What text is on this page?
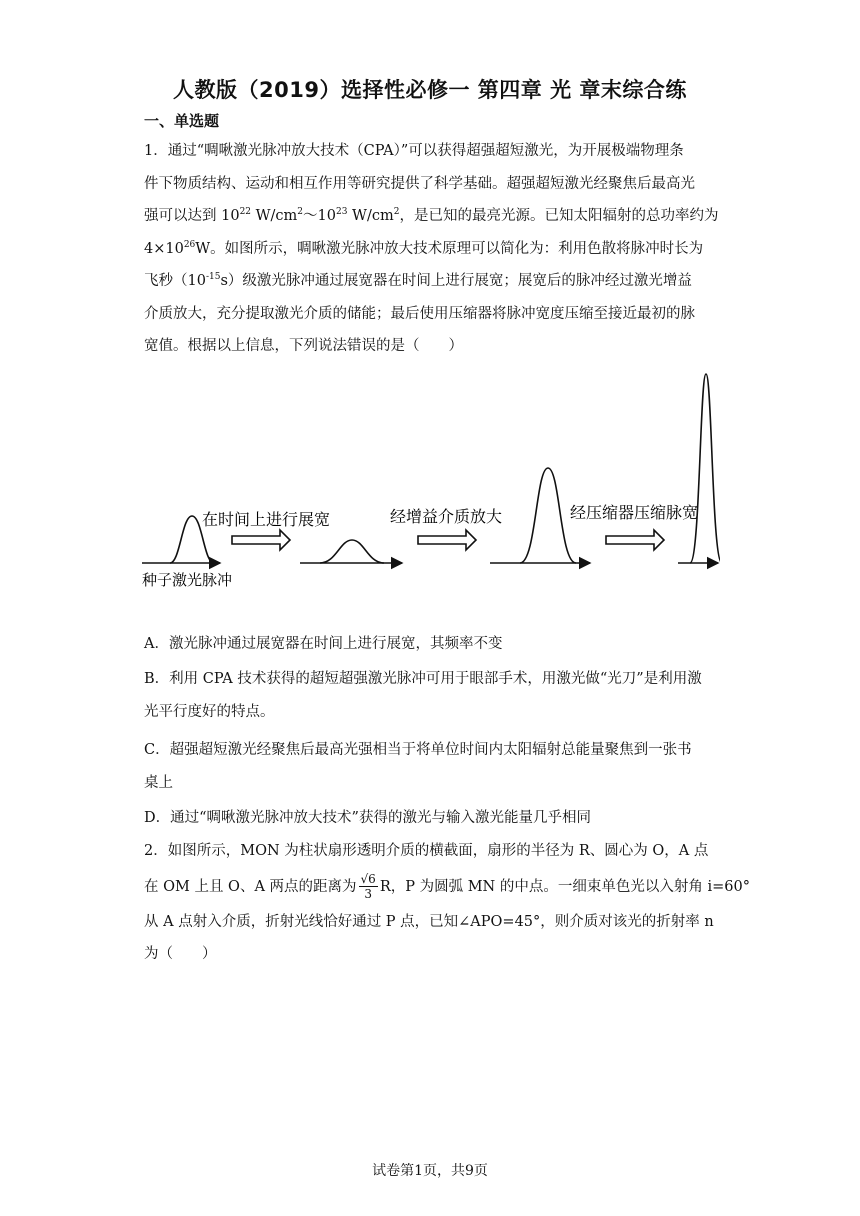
人教版（2019）选择性必修一 第四章 光 章末综合练
一、单选题
1．通过“啁啾激光脉冲放大技术（CPA）”可以获得超强超短激光，为开展极端物理条
件下物质结构、运动和相互作用等研究提供了科学基础。超强超短激光经聚焦后最高光
强可以达到 $10^{22}$ $W/cm^2\sim 10^{23}$ $W/cm^2$，是已知的最亮光源。已知太阳辐射的总功率约为
$4\times 10^{26}W$。如图所示，啁啾激光脉冲放大技术原理可以简化为：利用色散将脉冲时长为
飞秒$(10^{-15}s)$级激光脉冲通过展宽器在时间上进行展宽；展宽后的脉冲经过激光增益
介质放大，充分提取激光介质的储能；最后使用压缩器将脉冲宽度压缩至接近最初的脉
宽值。根据以上信息，下列说法错误的是（　　）
种子激光脉冲
在时间上进行展宽	经增益介质放大	经压缩器压缩脉宽
A．激光脉冲通过展宽器在时间上进行展宽，其频率不变
B．利用 CPA 技术获得的超短超强激光脉冲可用于眼部手术，用激光做“光刀”是利用激
光平行度好的特点。
C．超强超短激光经聚焦后最高光强相当于将单位时间内太阳辐射总能量聚焦到一张书
桌上
D．通过“啁啾激光脉冲放大技术”获得的激光与输入激光能量几乎相同
2．如图所示，MON 为柱状扇形透明介质的横截面，扇形的半径为 R、圆心为 O，A 点
在 OM 上且 O、A 两点的距离为 $\frac{√6}{3}$ R，P 为圆弧 MN 的中点。一细束单色光以入射角 i=60°
从 A 点射入介质，折射光线恰好通过 P 点，已知∠APO=45°，则介质对该光的折射率 n
为（　　）
试卷第1页，共9页
